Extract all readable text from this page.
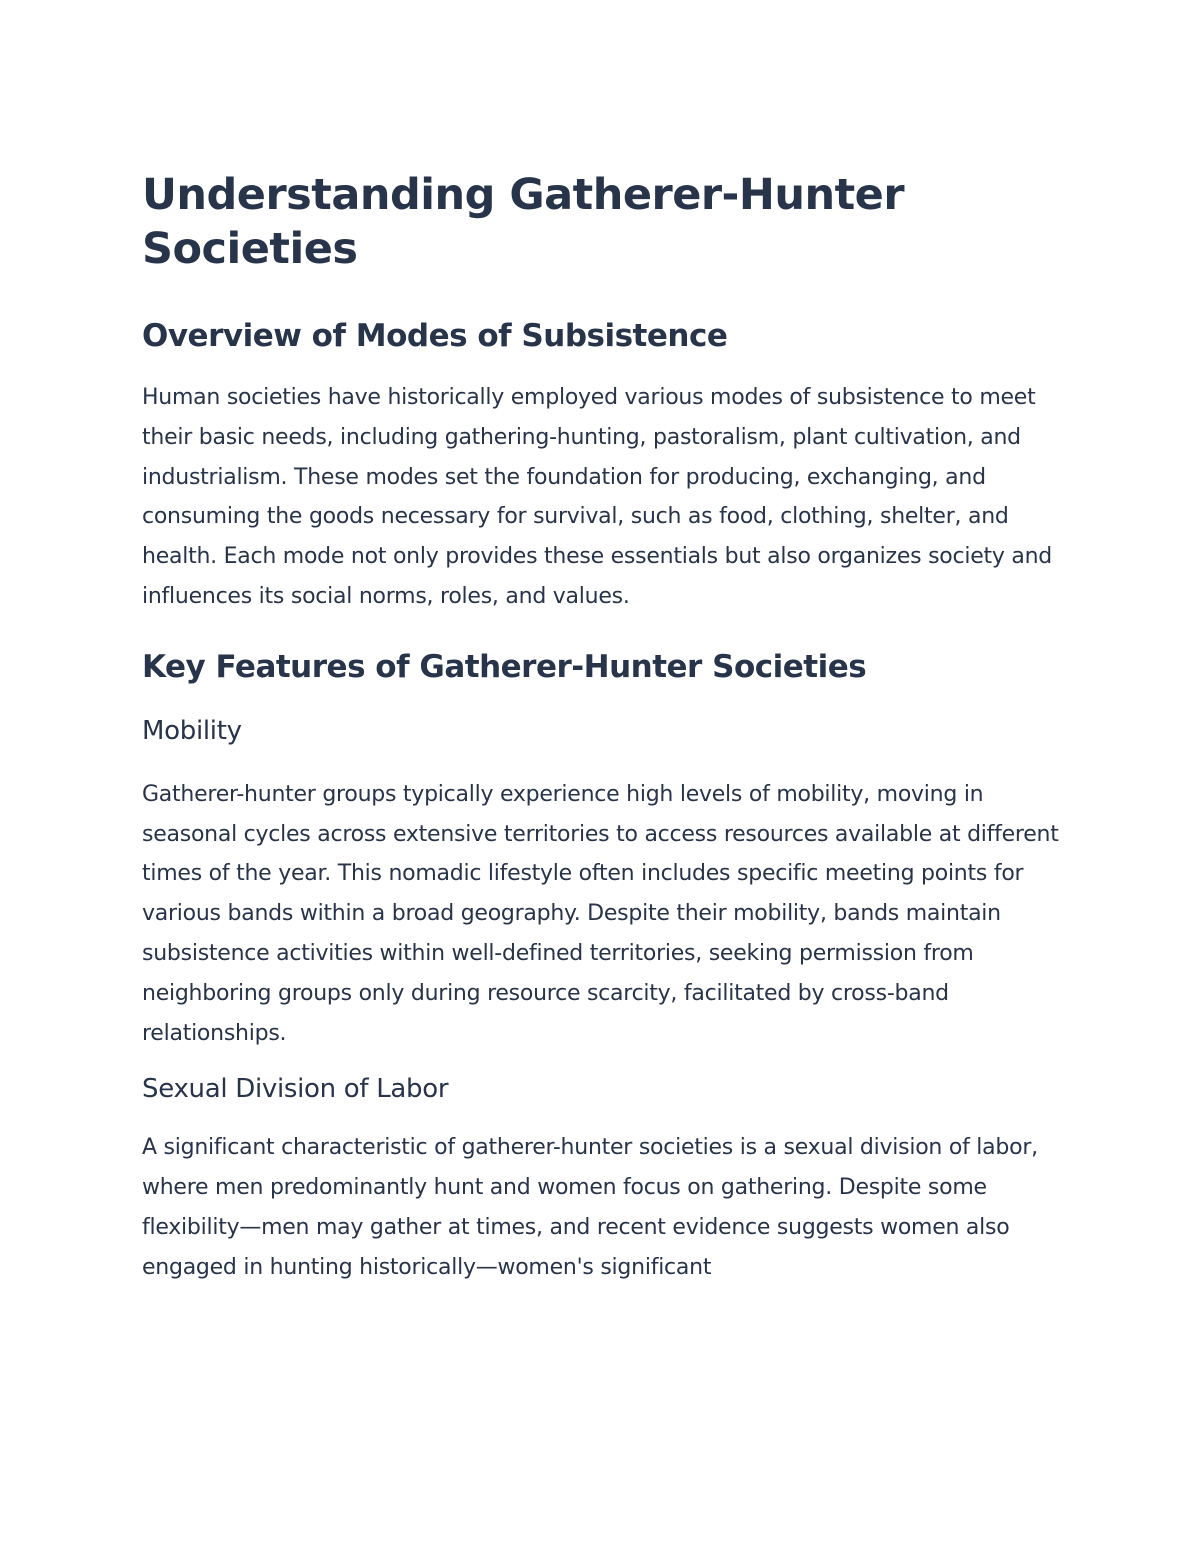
Understanding Gatherer-Hunter Societies
Overview of Modes of Subsistence

Human societies have historically employed various modes of subsistence to meet their basic needs, including gathering-hunting, pastoralism, plant cultivation, and industrialism. These modes set the foundation for producing, exchanging, and consuming the goods necessary for survival, such as food, clothing, shelter, and health. Each mode not only provides these essentials but also organizes society and influences its social norms, roles, and values.

Key Features of Gatherer-Hunter Societies
Mobility

Gatherer-hunter groups typically experience high levels of mobility, moving in seasonal cycles across extensive territories to access resources available at different times of the year. This nomadic lifestyle often includes specific meeting points for various bands within a broad geography. Despite their mobility, bands maintain subsistence activities within well-defined territories, seeking permission from neighboring groups only during resource scarcity, facilitated by cross-band relationships.

Sexual Division of Labor

A significant characteristic of gatherer-hunter societies is a sexual division of labor, where men predominantly hunt and women focus on gathering. Despite some flexibility—men may gather at times, and recent evidence suggests women also engaged in hunting historically—women's significant
